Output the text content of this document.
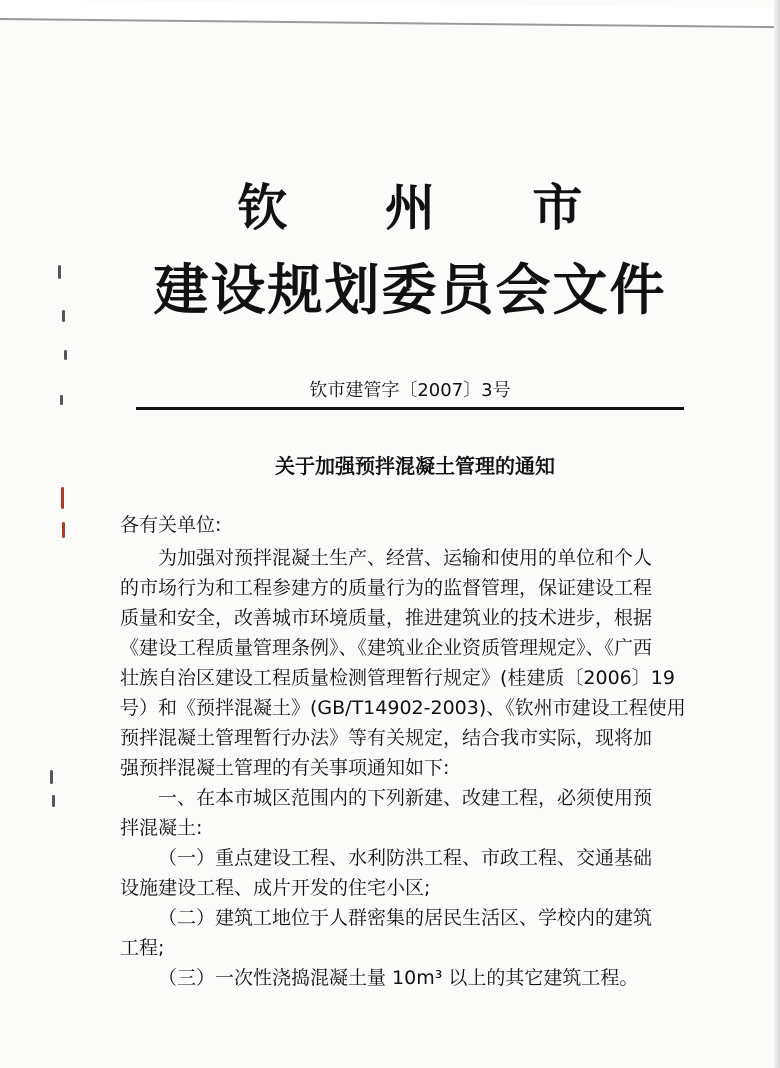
钦 州 市
建设规划委员会文件
钦市建管字〔2007〕3号
关于加强预拌混凝土管理的通知
各有关单位:
为加强对预拌混凝土生产、经营、运输和使用的单位和个人
的市场行为和工程参建方的质量行为的监督管理，保证建设工程
质量和安全，改善城市环境质量，推进建筑业的技术进步，根据
《建设工程质量管理条例》、《建筑业企业资质管理规定》、《广西
壮族自治区建设工程质量检测管理暂行规定》(桂建质〔2006〕19
号）和《预拌混凝土》(GB/T14902-2003)、《钦州市建设工程使用
预拌混凝土管理暂行办法》等有关规定，结合我市实际，现将加
强预拌混凝土管理的有关事项通知如下:
一、在本市城区范围内的下列新建、改建工程，必须使用预
拌混凝土:
（一）重点建设工程、水利防洪工程、市政工程、交通基础
设施建设工程、成片开发的住宅小区;
（二）建筑工地位于人群密集的居民生活区、学校内的建筑
工程;
（三）一次性浇捣混凝土量 10m³ 以上的其它建筑工程。
